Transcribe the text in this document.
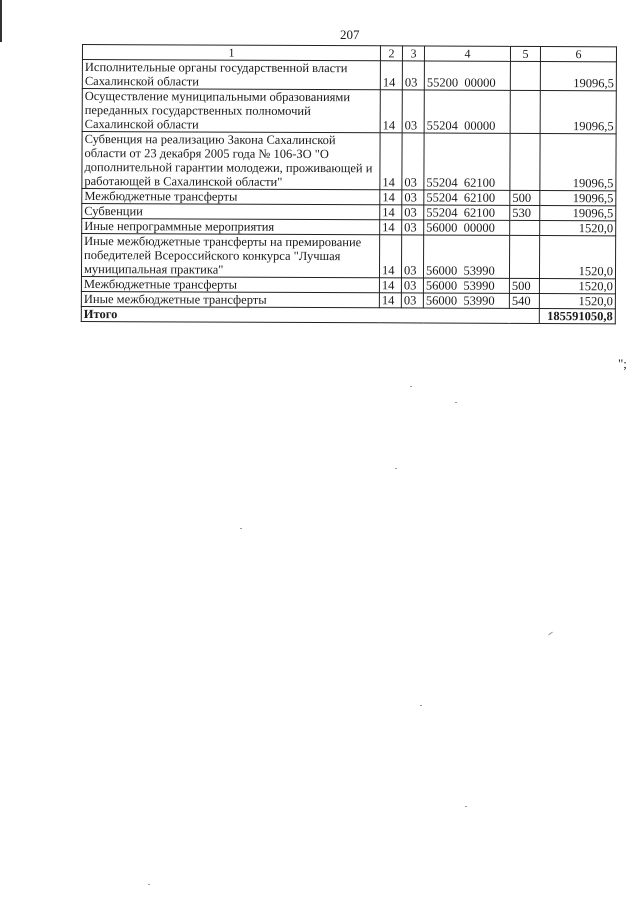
207
1	2	3	4	5	6
Исполнительные органы государственной власти Сахалинской области	14	03	55200  00000		19096,5
Осуществление муниципальными образованиями переданных государственных полномочий Сахалинской области	14	03	55204  00000		19096,5
Субвенция на реализацию Закона Сахалинской области от 23 декабря 2005 года № 106-ЗО "О дополнительной гарантии молодежи, проживающей и работающей в Сахалинской области"	14	03	55204  62100		19096,5
Межбюджетные трансферты	14	03	55204  62100	500	19096,5
Субвенции	14	03	55204  62100	530	19096,5
Иные непрограммные мероприятия	14	03	56000  00000		1520,0
Иные межбюджетные трансферты на премирование победителей Всероссийского конкурса "Лучшая муниципальная практика"	14	03	56000  53990		1520,0
Межбюджетные трансферты	14	03	56000  53990	500	1520,0
Иные межбюджетные трансферты	14	03	56000  53990	540	1520,0
Итого					185591050,8
";
